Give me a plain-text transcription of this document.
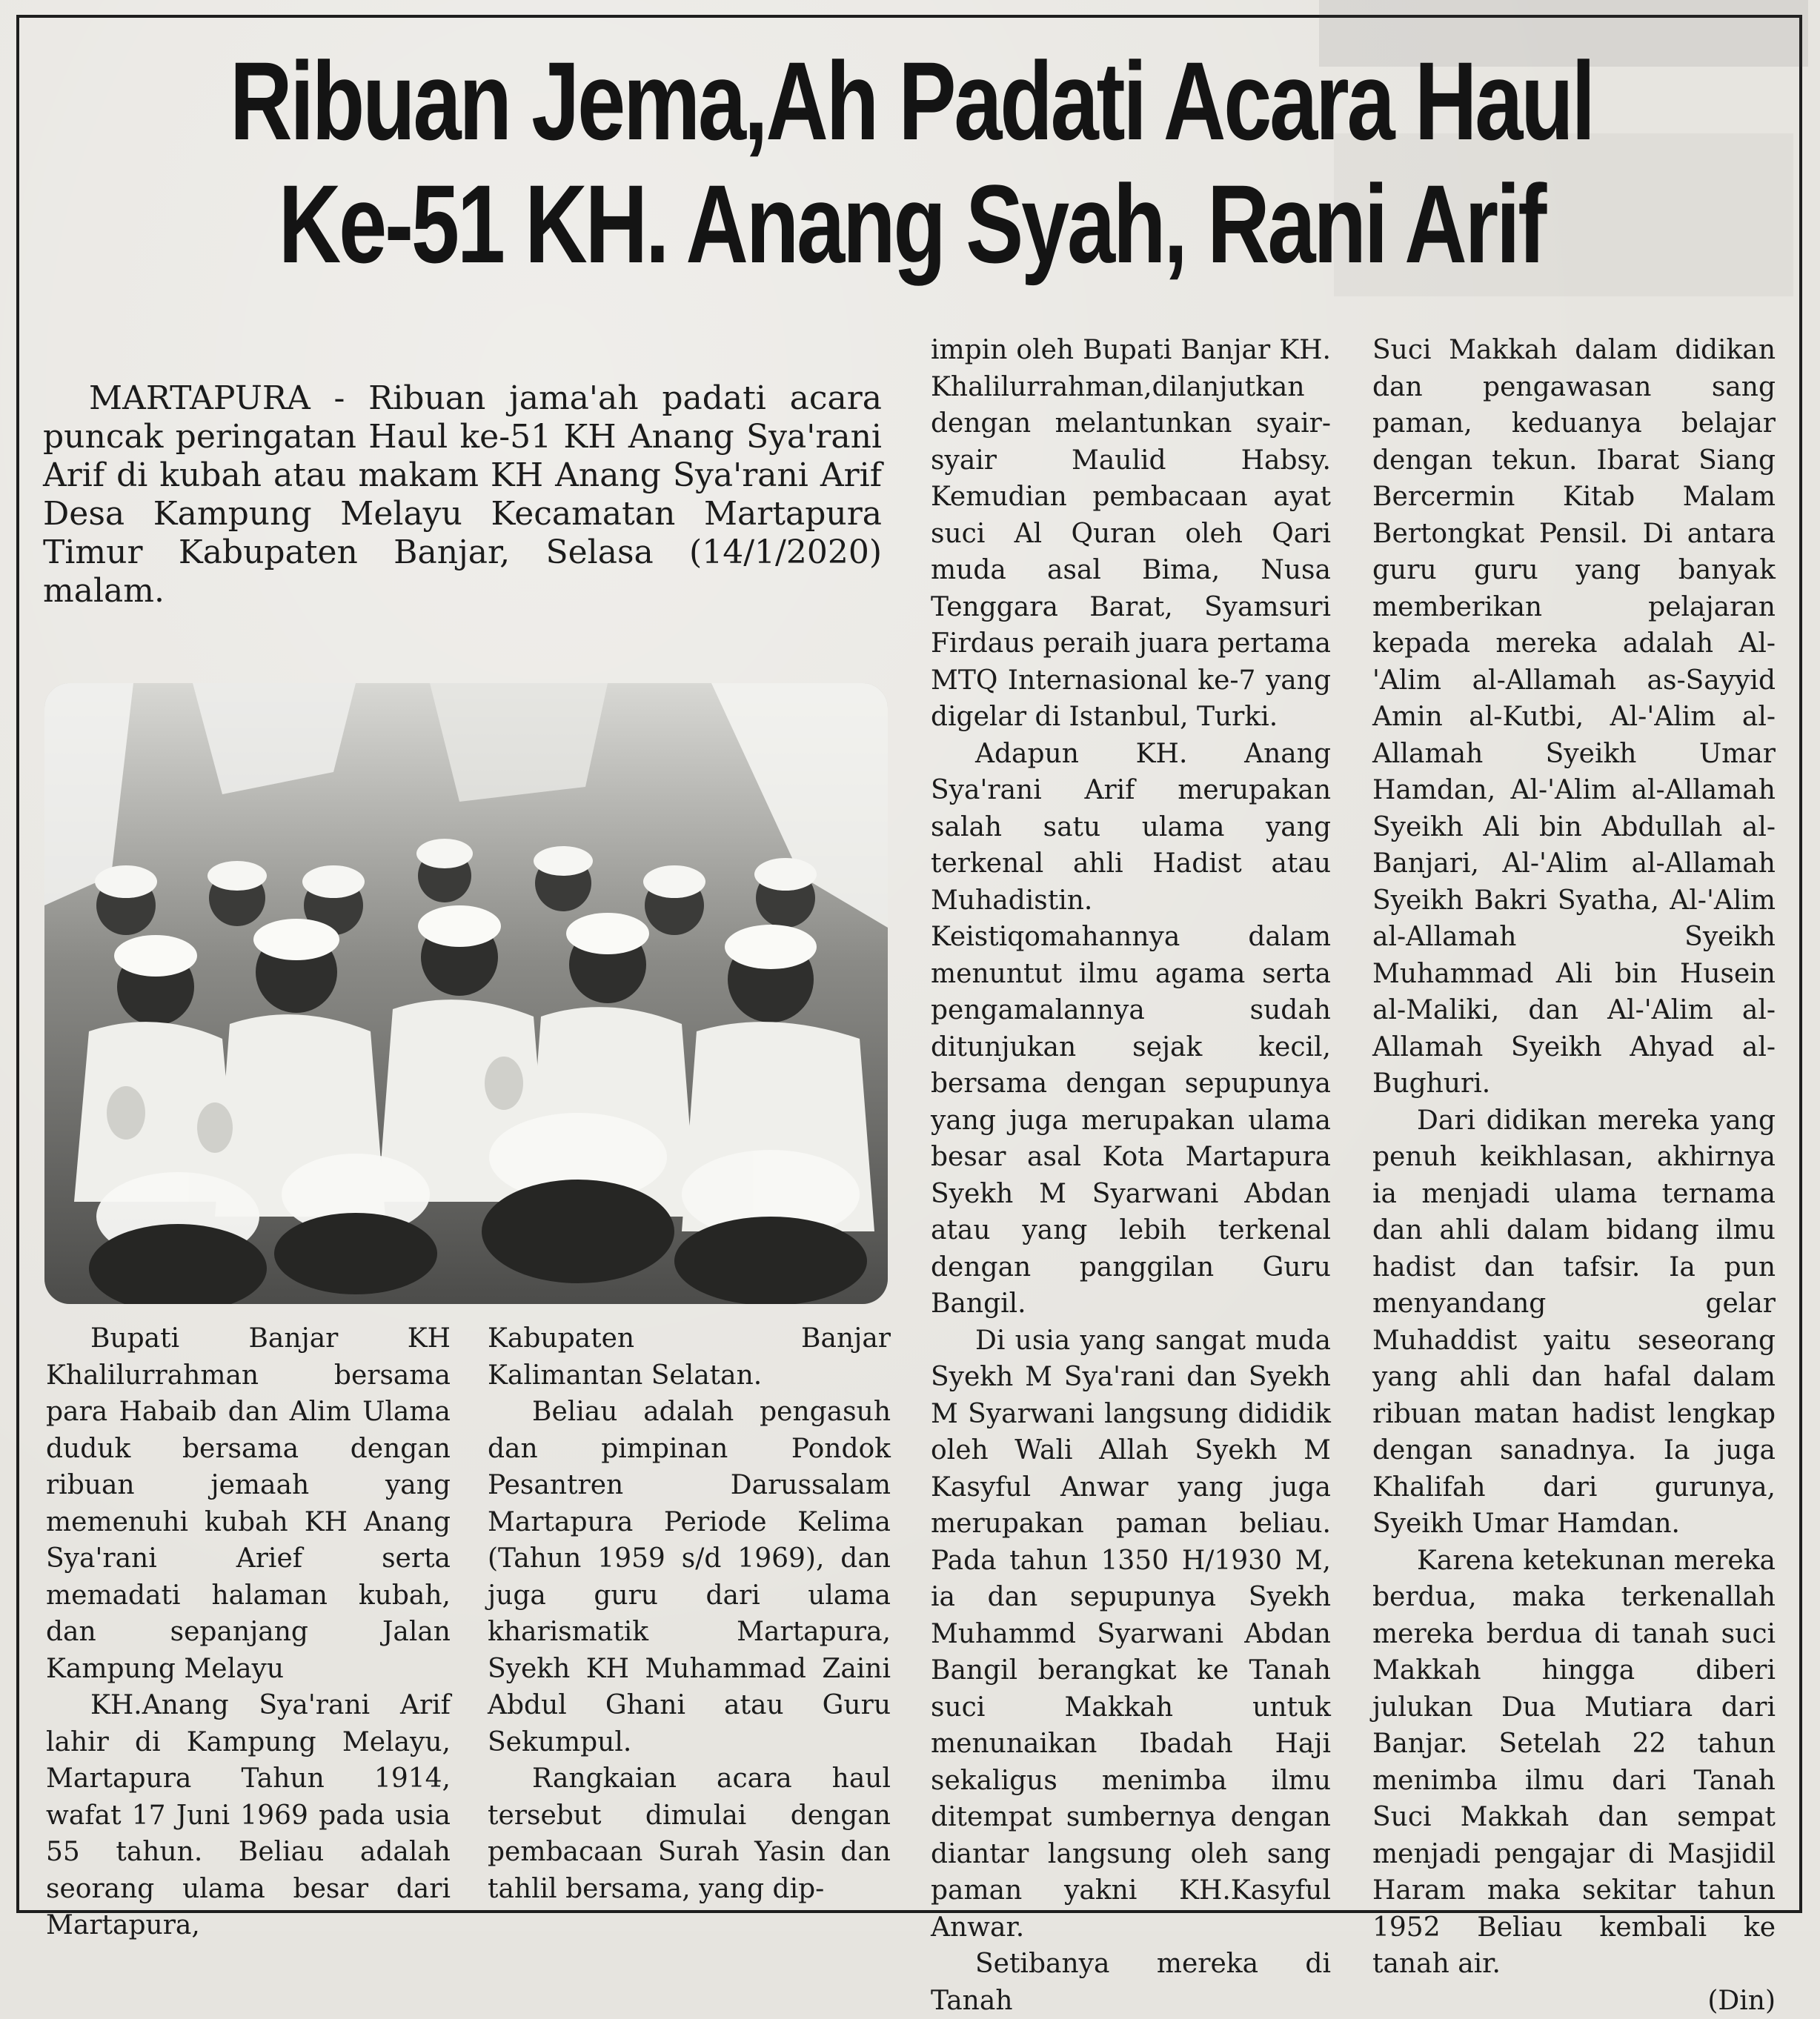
Ribuan Jema,Ah Padati Acara Haul
Ke-51 KH. Anang Syah, Rani Arif

MARTAPURA - Ribuan jama'ah padati acara puncak peringatan Haul ke-51 KH Anang Sya'rani Arif di kubah atau makam KH Anang Sya'rani Arif Desa Kampung Melayu Kecamatan Martapura Timur Kabupaten Banjar, Selasa (14/1/2020) malam.

Bupati Banjar KH Khalilurrahman bersama para Habaib dan Alim Ulama duduk bersama dengan ribuan jemaah yang memenuhi kubah KH Anang Sya'rani Arief serta memadati halaman kubah, dan sepanjang Jalan Kampung Melayu

KH.Anang Sya'rani Arif lahir di Kampung Melayu, Martapura Tahun 1914, wafat 17 Juni 1969 pada usia 55 tahun. Beliau adalah seorang ulama besar dari Martapura,

Kabupaten Banjar Kalimantan Selatan.

Beliau adalah pengasuh dan pimpinan Pondok Pesantren Darussalam Martapura Periode Kelima (Tahun 1959 s/d 1969), dan juga guru dari ulama kharismatik Martapura, Syekh KH Muhammad Zaini Abdul Ghani atau Guru Sekumpul.

Rangkaian acara haul tersebut dimulai dengan pembacaan Surah Yasin dan tahlil bersama, yang dip-

impin oleh Bupati Banjar KH. Khalilurrahman,dilanjutkan dengan melantunkan syair-syair Maulid Habsy. Kemudian pembacaan ayat suci Al Quran oleh Qari muda asal Bima, Nusa Tenggara Barat, Syamsuri Firdaus peraih juara pertama MTQ Internasional ke-7 yang digelar di Istanbul, Turki.

Adapun KH. Anang Sya'rani Arif merupakan salah satu ulama yang terkenal ahli Hadist atau Muhadistin. Keistiqomahannya dalam menuntut ilmu agama serta pengamalannya sudah ditunjukan sejak kecil, bersama dengan sepupunya yang juga merupakan ulama besar asal Kota Martapura Syekh M Syarwani Abdan atau yang lebih terkenal dengan panggilan Guru Bangil.

Di usia yang sangat muda Syekh M Sya'rani dan Syekh M Syarwani langsung dididik oleh Wali Allah Syekh M Kasyful Anwar yang juga merupakan paman beliau. Pada tahun 1350 H/1930 M, ia dan sepupunya Syekh Muhammd Syarwani Abdan Bangil berangkat ke Tanah suci Makkah untuk menunaikan Ibadah Haji sekaligus menimba ilmu ditempat sumbernya dengan diantar langsung oleh sang paman yakni KH.Kasyful Anwar.

Setibanya mereka di Tanah

Suci Makkah dalam didikan dan pengawasan sang paman, keduanya belajar dengan tekun. Ibarat Siang Bercermin Kitab Malam Bertongkat Pensil. Di antara guru guru yang banyak memberikan pelajaran kepada mereka adalah Al-'Alim al-Allamah as-Sayyid Amin al-Kutbi, Al-'Alim al-Allamah Syeikh Umar Hamdan, Al-'Alim al-Allamah Syeikh Ali bin Abdullah al-Banjari, Al-'Alim al-Allamah Syeikh Bakri Syatha, Al-'Alim al-Allamah Syeikh Muhammad Ali bin Husein al-Maliki, dan Al-'Alim al-Allamah Syeikh Ahyad al-Bughuri.

Dari didikan mereka yang penuh keikhlasan, akhirnya ia menjadi ulama ternama dan ahli dalam bidang ilmu hadist dan tafsir. Ia pun menyandang gelar Muhaddist yaitu seseorang yang ahli dan hafal dalam ribuan matan hadist lengkap dengan sanadnya. Ia juga Khalifah dari gurunya, Syeikh Umar Hamdan.

Karena ketekunan mereka berdua, maka terkenallah mereka berdua di tanah suci Makkah hingga diberi julukan Dua Mutiara dari Banjar. Setelah 22 tahun menimba ilmu dari Tanah Suci Makkah dan sempat menjadi pengajar di Masjidil Haram maka sekitar tahun 1952 Beliau kembali ke tanah air.

(Din)
